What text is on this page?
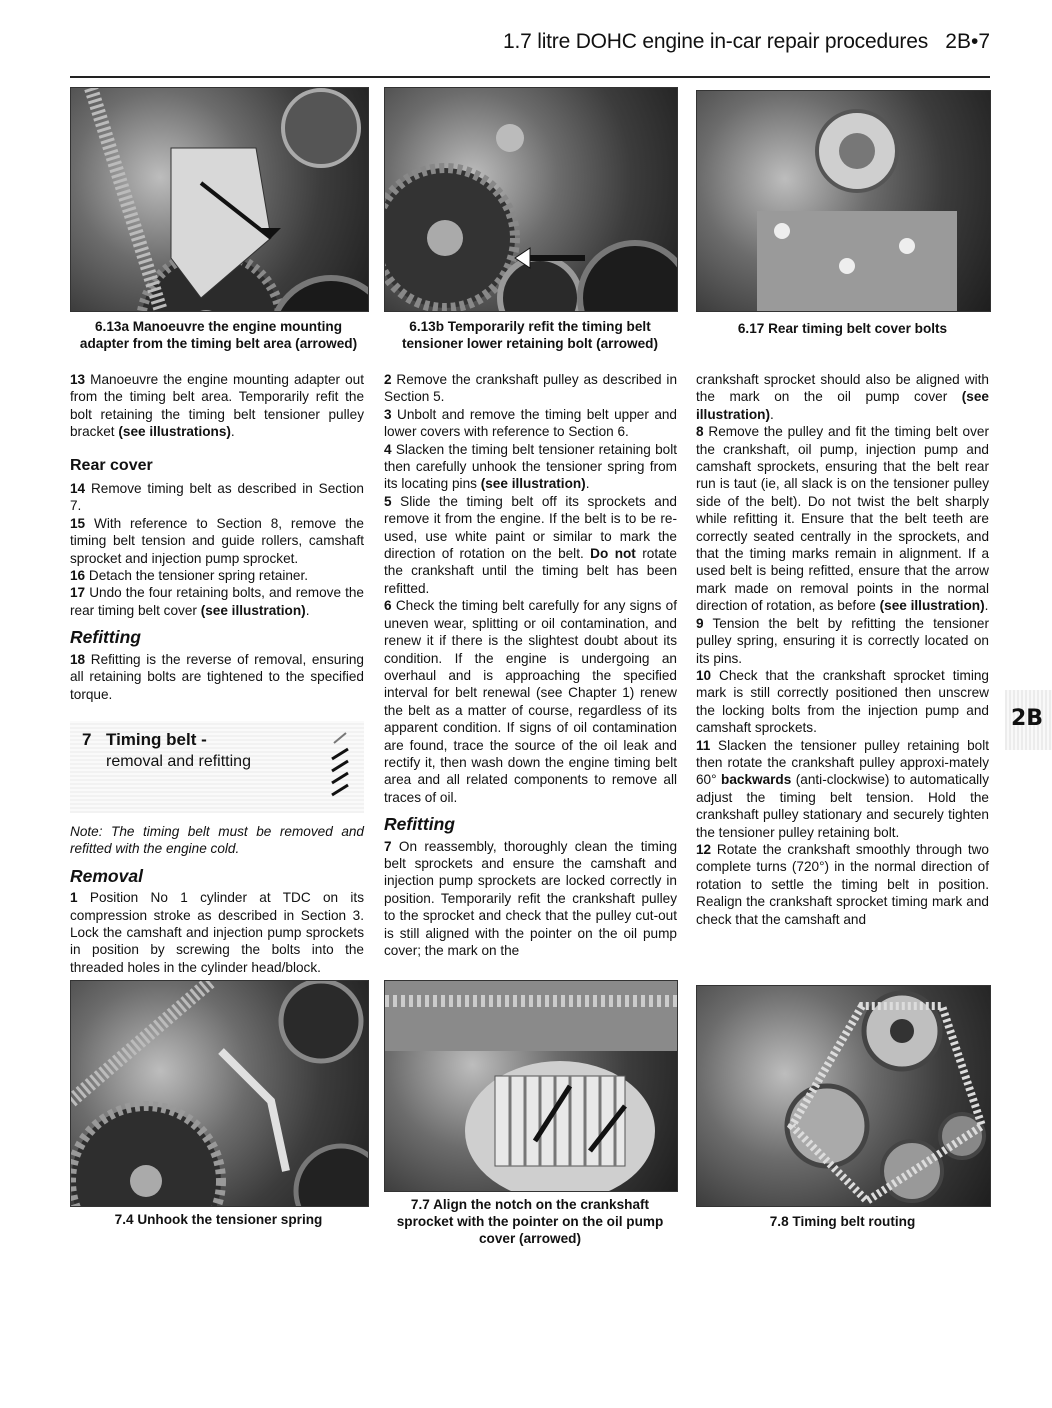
1.7 litre DOHC engine in-car repair procedures 2B•7
6.13a Manoeuvre the engine mounting adapter from the timing belt area (arrowed)
6.13b Temporarily refit the timing belt tensioner lower retaining bolt (arrowed)
6.17 Rear timing belt cover bolts

13 Manoeuvre the engine mounting adapter out from the timing belt area. Temporarily refit the bolt retaining the timing belt tensioner pulley bracket (see illustrations).

Rear cover

14 Remove timing belt as described in Section 7.

15 With reference to Section 8, remove the timing belt tension and guide rollers, camshaft sprocket and injection pump sprocket.

16 Detach the tensioner spring retainer.

17 Undo the four retaining bolts, and remove the rear timing belt cover (see illustration).

Refitting

18 Refitting is the reverse of removal, ensuring all retaining bolts are tightened to the specified torque.

7 Timing belt -
removal and refitting

Note: The timing belt must be removed and refitted with the engine cold.

Removal

1 Position No 1 cylinder at TDC on its compression stroke as described in Section 3. Lock the camshaft and injection pump sprockets in position by screwing the bolts into the threaded holes in the cylinder head/block.

2 Remove the crankshaft pulley as described in Section 5.

3 Unbolt and remove the timing belt upper and lower covers with reference to Section 6.

4 Slacken the timing belt tensioner retaining bolt then carefully unhook the tensioner spring from its locating pins (see illustration).

5 Slide the timing belt off its sprockets and remove it from the engine. If the belt is to be re-used, use white paint or similar to mark the direction of rotation on the belt. Do not rotate the crankshaft until the timing belt has been refitted.

6 Check the timing belt carefully for any signs of uneven wear, splitting or oil contamination, and renew it if there is the slightest doubt about its condition. If the engine is undergoing an overhaul and is approaching the specified interval for belt renewal (see Chapter 1) renew the belt as a matter of course, regardless of its apparent condition. If signs of oil contamination are found, trace the source of the oil leak and rectify it, then wash down the engine timing belt area and all related components to remove all traces of oil.

Refitting

7 On reassembly, thoroughly clean the timing belt sprockets and ensure the camshaft and injection pump sprockets are locked correctly in position. Temporarily refit the crankshaft pulley to the sprocket and check that the pulley cut-out is still aligned with the pointer on the oil pump cover; the mark on the

crankshaft sprocket should also be aligned with the mark on the oil pump cover (see illustration).

8 Remove the pulley and fit the timing belt over the crankshaft, oil pump, injection pump and camshaft sprockets, ensuring that the belt rear run is taut (ie, all slack is on the tensioner pulley side of the belt). Do not twist the belt sharply while refitting it. Ensure that the belt teeth are correctly seated centrally in the sprockets, and that the timing marks remain in alignment. If a used belt is being refitted, ensure that the arrow mark made on removal points in the normal direction of rotation, as before (see illustration).

9 Tension the belt by refitting the tensioner pulley spring, ensuring it is correctly located on its pins.

10 Check that the crankshaft sprocket timing mark is still correctly positioned then unscrew the locking bolts from the injection pump and camshaft sprockets.

11 Slacken the tensioner pulley retaining bolt then rotate the crankshaft pulley approxi-mately 60° backwards (anti-clockwise) to automatically adjust the timing belt tension. Hold the crankshaft pulley stationary and securely tighten the tensioner pulley retaining bolt.

12 Rotate the crankshaft smoothly through two complete turns (720°) in the normal direction of rotation to settle the timing belt in position. Realign the crankshaft sprocket timing mark and check that the camshaft and

2B
7.4 Unhook the tensioner spring
7.7 Align the notch on the crankshaft sprocket with the pointer on the oil pump cover (arrowed)
7.8 Timing belt routing
